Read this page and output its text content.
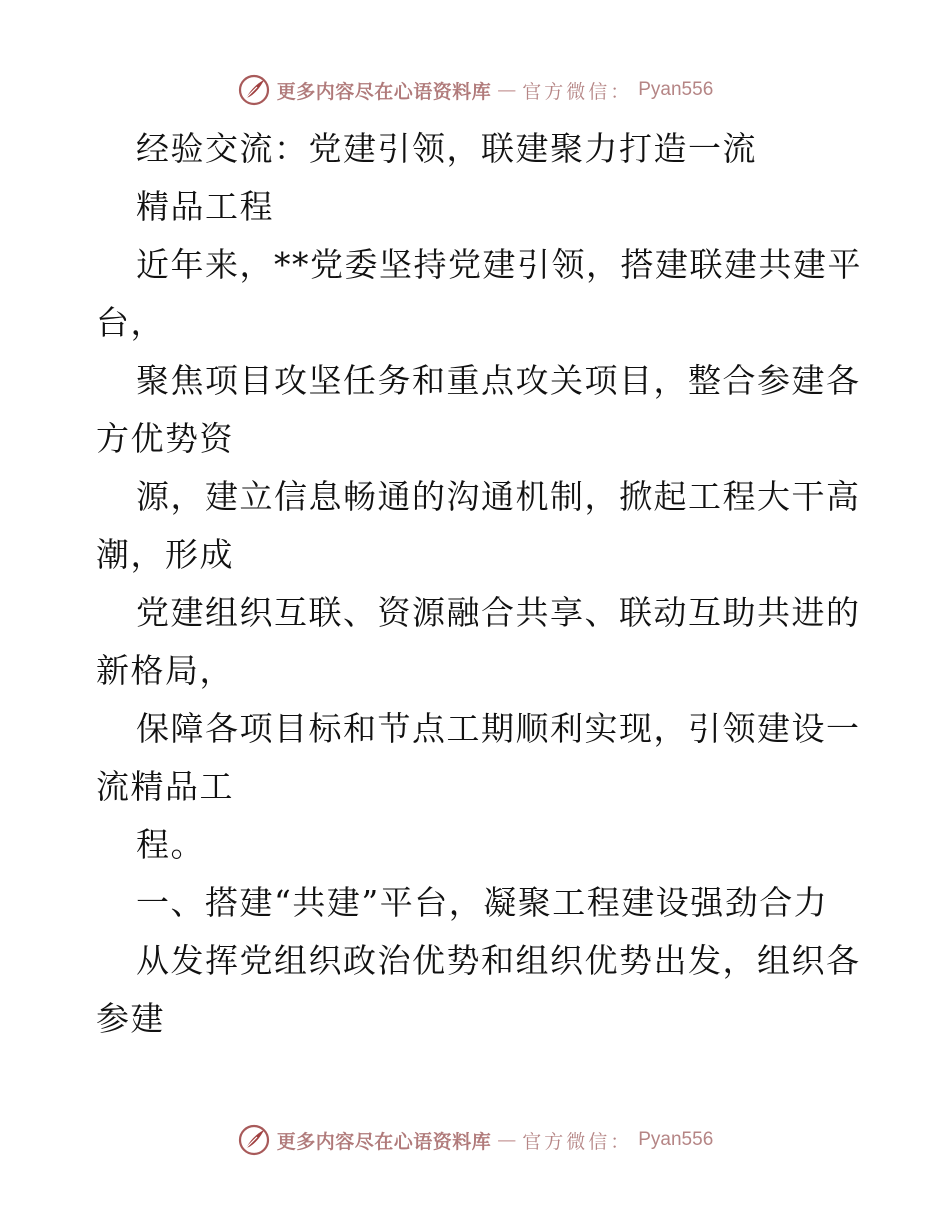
更多内容尽在心语资料库 — 官方微信： Pyan556
经验交流：党建引领，联建聚力打造一流
精品工程
近年来，**党委坚持党建引领，搭建联建共建平
台，
聚焦项目攻坚任务和重点攻关项目，整合参建各
方优势资
源，建立信息畅通的沟通机制，掀起工程大干高
潮，形成
党建组织互联、资源融合共享、联动互助共进的
新格局，
保障各项目标和节点工期顺利实现，引领建设一
流精品工
程。
一、搭建“共建”平台，凝聚工程建设强劲合力
从发挥党组织政治优势和组织优势出发，组织各
参建
更多内容尽在心语资料库 — 官方微信： Pyan556
